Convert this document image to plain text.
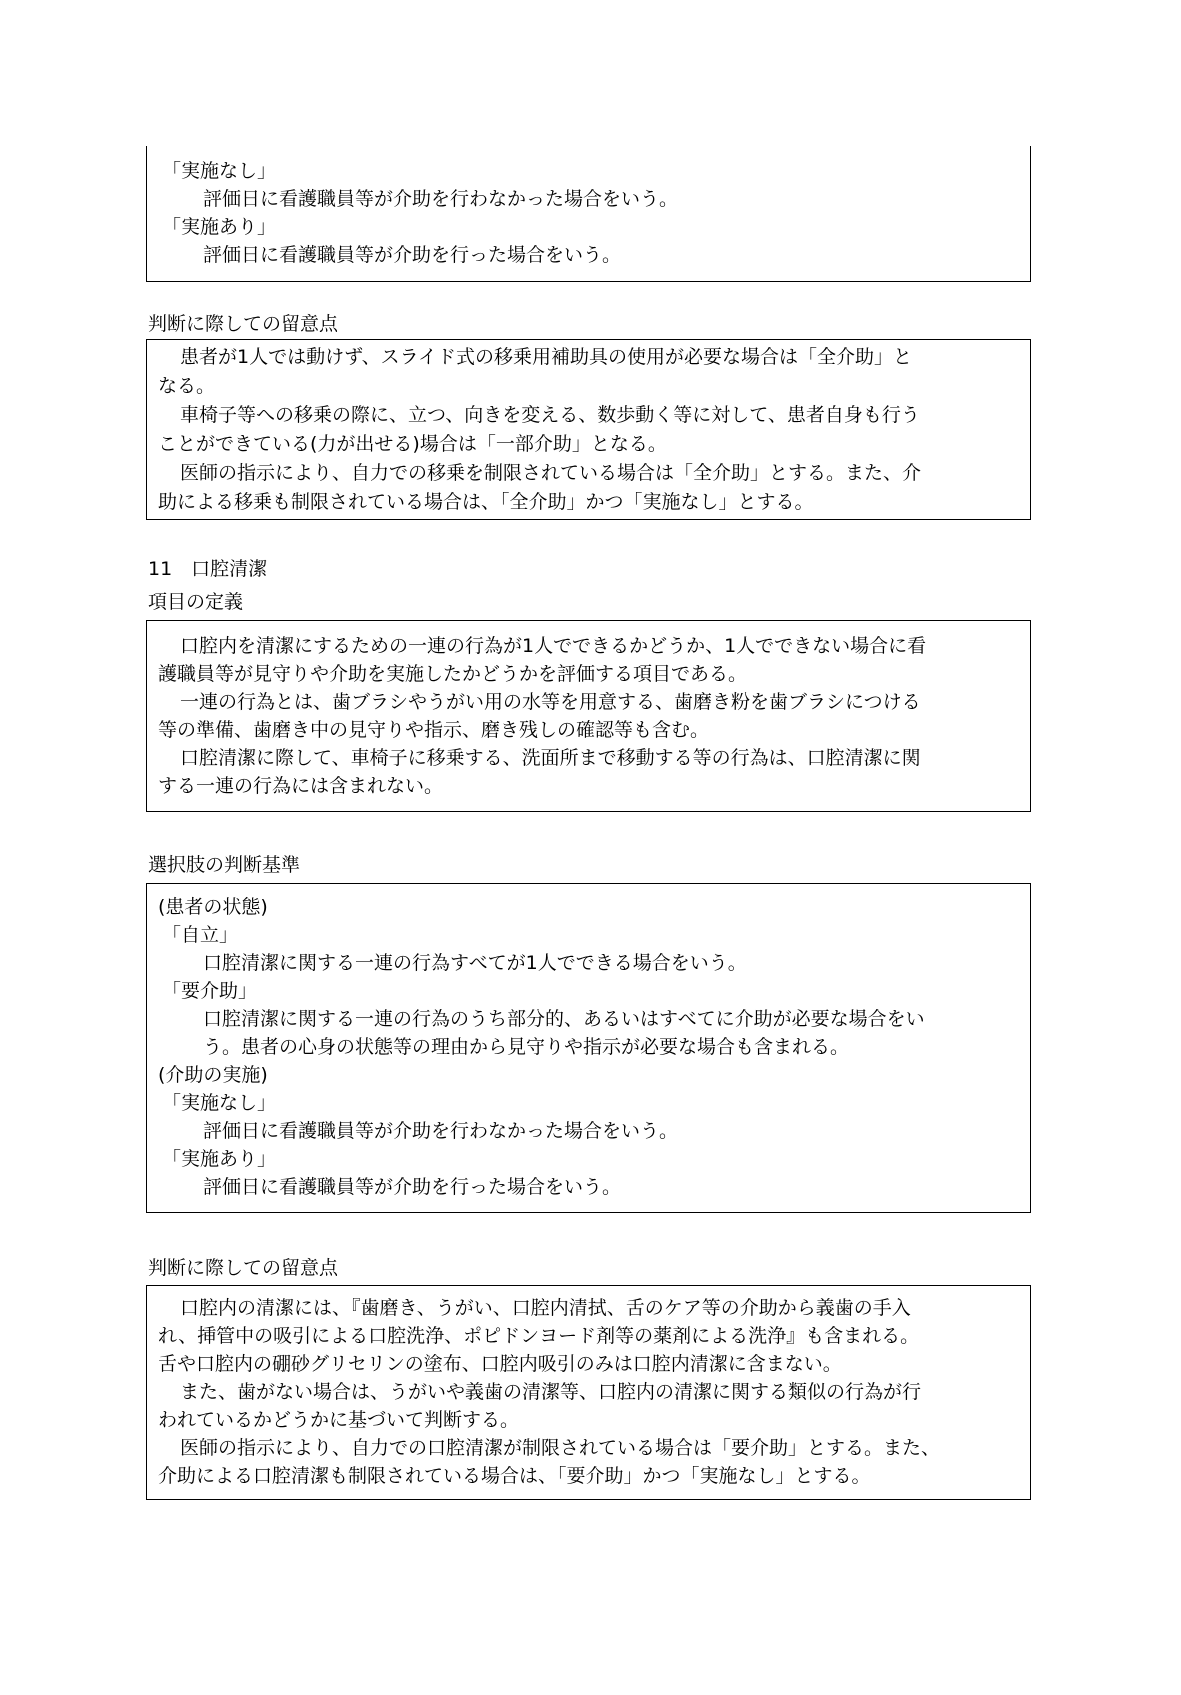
「実施なし」
評価日に看護職員等が介助を行わなかった場合をいう。
「実施あり」
評価日に看護職員等が介助を行った場合をいう。
判断に際しての留意点
患者が1人では動けず、スライド式の移乗用補助具の使用が必要な場合は「全介助」と
なる。
車椅子等への移乗の際に、立つ、向きを変える、数歩動く等に対して、患者自身も行う
ことができている(力が出せる)場合は「一部介助」となる。
医師の指示により、自力での移乗を制限されている場合は「全介助」とする。また、介
助による移乗も制限されている場合は、「全介助」かつ「実施なし」とする。
11　口腔清潔
項目の定義
口腔内を清潔にするための一連の行為が1人でできるかどうか、1人でできない場合に看
護職員等が見守りや介助を実施したかどうかを評価する項目である。
一連の行為とは、歯ブラシやうがい用の水等を用意する、歯磨き粉を歯ブラシにつける
等の準備、歯磨き中の見守りや指示、磨き残しの確認等も含む。
口腔清潔に際して、車椅子に移乗する、洗面所まで移動する等の行為は、口腔清潔に関
する一連の行為には含まれない。
選択肢の判断基準
(患者の状態)
「自立」
口腔清潔に関する一連の行為すべてが1人でできる場合をいう。
「要介助」
口腔清潔に関する一連の行為のうち部分的、あるいはすべてに介助が必要な場合をい
う。患者の心身の状態等の理由から見守りや指示が必要な場合も含まれる。
(介助の実施)
「実施なし」
評価日に看護職員等が介助を行わなかった場合をいう。
「実施あり」
評価日に看護職員等が介助を行った場合をいう。
判断に際しての留意点
口腔内の清潔には、『歯磨き、うがい、口腔内清拭、舌のケア等の介助から義歯の手入
れ、挿管中の吸引による口腔洗浄、ポピドンヨード剤等の薬剤による洗浄』も含まれる。
舌や口腔内の硼砂グリセリンの塗布、口腔内吸引のみは口腔内清潔に含まない。
また、歯がない場合は、うがいや義歯の清潔等、口腔内の清潔に関する類似の行為が行
われているかどうかに基づいて判断する。
医師の指示により、自力での口腔清潔が制限されている場合は「要介助」とする。また、
介助による口腔清潔も制限されている場合は、「要介助」かつ「実施なし」とする。
